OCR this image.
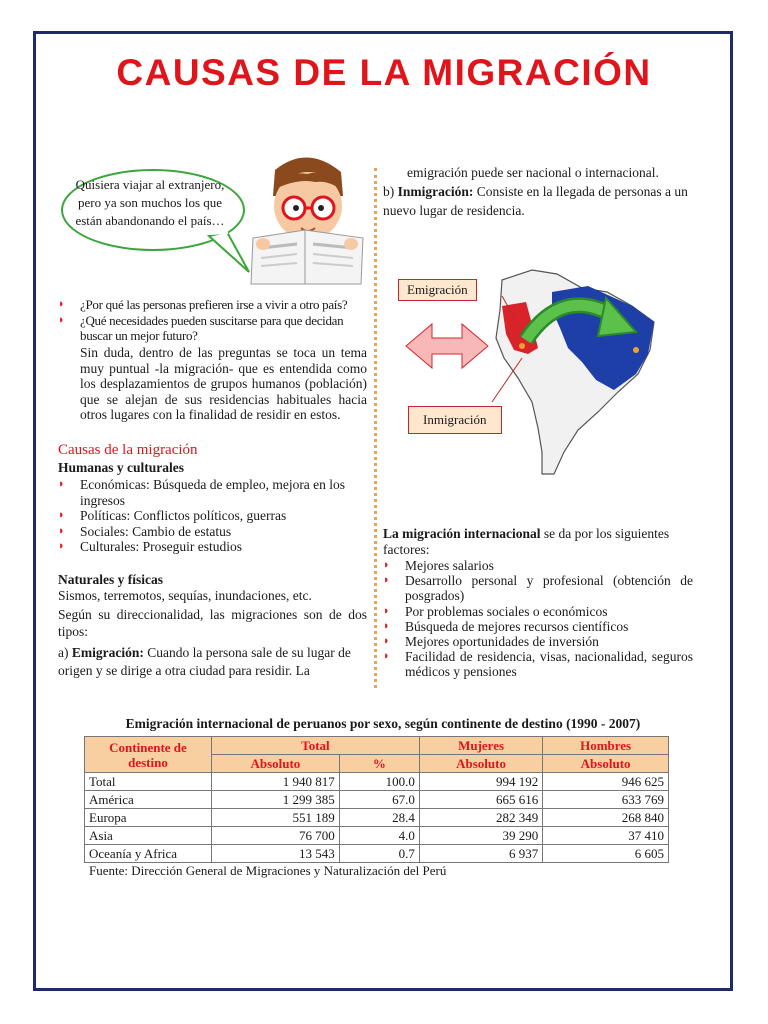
CAUSAS DE LA MIGRACIÓN
Quisiera viajar al extranjero, pero ya son muchos los que están abandonando el país…
◗ ¿Por qué las personas prefieren irse a vivir a otro país?
◗ ¿Qué necesidades pueden suscitarse para que decidan buscar un mejor futuro?
Sin duda, dentro de las preguntas se toca un tema muy puntual -la migración- que es entendida como los desplazamientos de grupos humanos (población) que se alejan de sus residencias habituales hacia otros lugares con la finalidad de residir en estos.
Causas de la migración
Humanas y culturales
◗ Económicas: Búsqueda de empleo, mejora en los ingresos
◗ Políticas: Conflictos políticos, guerras
◗ Sociales: Cambio de estatus
◗ Culturales: Proseguir estudios
Naturales y físicas
Sismos, terremotos, sequías, inundaciones, etc.
Según su direccionalidad, las migraciones son de dos tipos:
a) Emigración: Cuando la persona sale de su lugar de origen y se dirige a otra ciudad para residir. La
emigración puede ser nacional o internacional.
b) Inmigración: Consiste en la llegada de personas a un nuevo lugar de residencia.
Emigración
Inmigración
La migración internacional se da por los siguientes factores:
◗ Mejores salarios
◗ Desarrollo personal y profesional (obtención de posgrados)
◗ Por problemas sociales o económicos
◗ Búsqueda de mejores recursos científicos
◗ Mejores oportunidades de inversión
◗ Facilidad de residencia, visas, nacionalidad, seguros médicos y pensiones
Emigración internacional de peruanos por sexo, según continente de destino (1990 - 2007)
Continente de destino	Total		Mujeres	Hombres
	Absoluto	%	Absoluto	Absoluto
Total	1 940 817	100.0	994 192	946 625
América	1 299 385	67.0	665 616	633 769
Europa	551 189	28.4	282 349	268 840
Asia	76 700	4.0	39 290	37 410
Oceanía y Africa	13 543	0.7	6 937	6 605
Fuente: Dirección General de Migraciones y Naturalización del Perú
